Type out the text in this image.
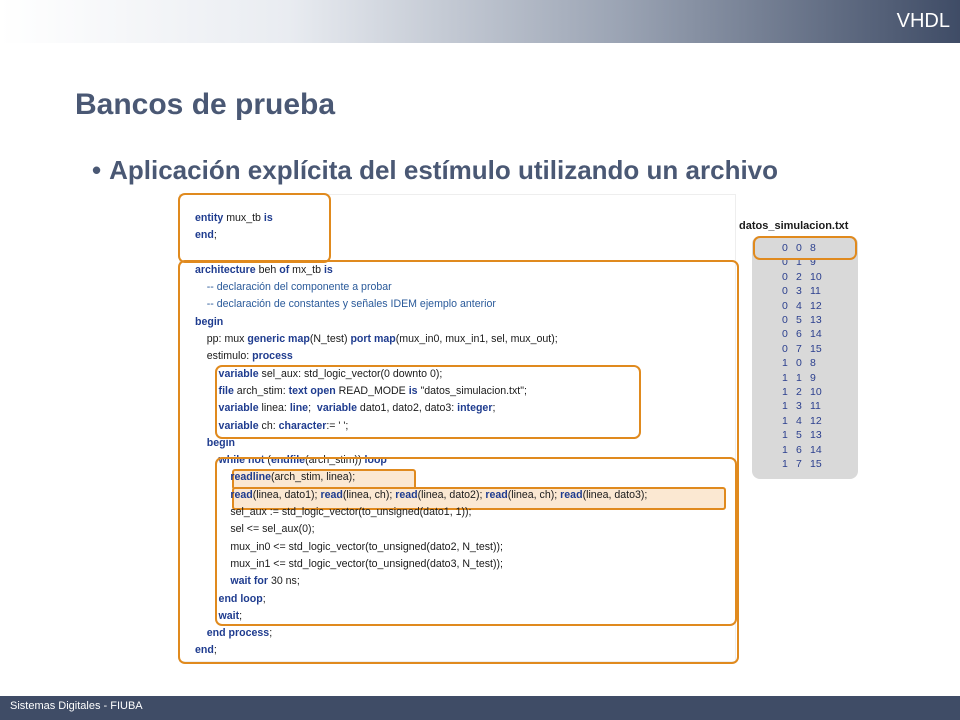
VHDL
Bancos de prueba
• Aplicación explícita del estímulo utilizando un archivo
entity mux_tb is
end;
architecture beh of mx_tb is
-- declaración del componente a probar
-- declaración de constantes y señales IDEM ejemplo anterior
begin
pp: mux generic map(N_test) port map(mux_in0, mux_in1, sel, mux_out);
estimulo: process
variable sel_aux: std_logic_vector(0 downto 0);
file arch_stim: text open READ_MODE is "datos_simulacion.txt";
variable linea: line;  variable dato1, dato2, dato3: integer;
variable ch: character:= ' ';
begin
while not (endfile(arch_stim)) loop
readline(arch_stim, linea);
read(linea, dato1); read(linea, ch); read(linea, dato2); read(linea, ch); read(linea, dato3);
sel_aux := std_logic_vector(to_unsigned(dato1, 1));
sel <= sel_aux(0);
mux_in0 <= std_logic_vector(to_unsigned(dato2, N_test));
mux_in1 <= std_logic_vector(to_unsigned(dato3, N_test));
wait for 30 ns;
end loop;
wait;
end process;
end;
datos_simulacion.txt
0 0 8
0 1 9
0 2 10
0 3 11
0 4 12
0 5 13
0 6 14
0 7 15
1 0 8
1 1 9
1 2 10
1 3 11
1 4 12
1 5 13
1 6 14
1 7 15
Sistemas Digitales - FIUBA
